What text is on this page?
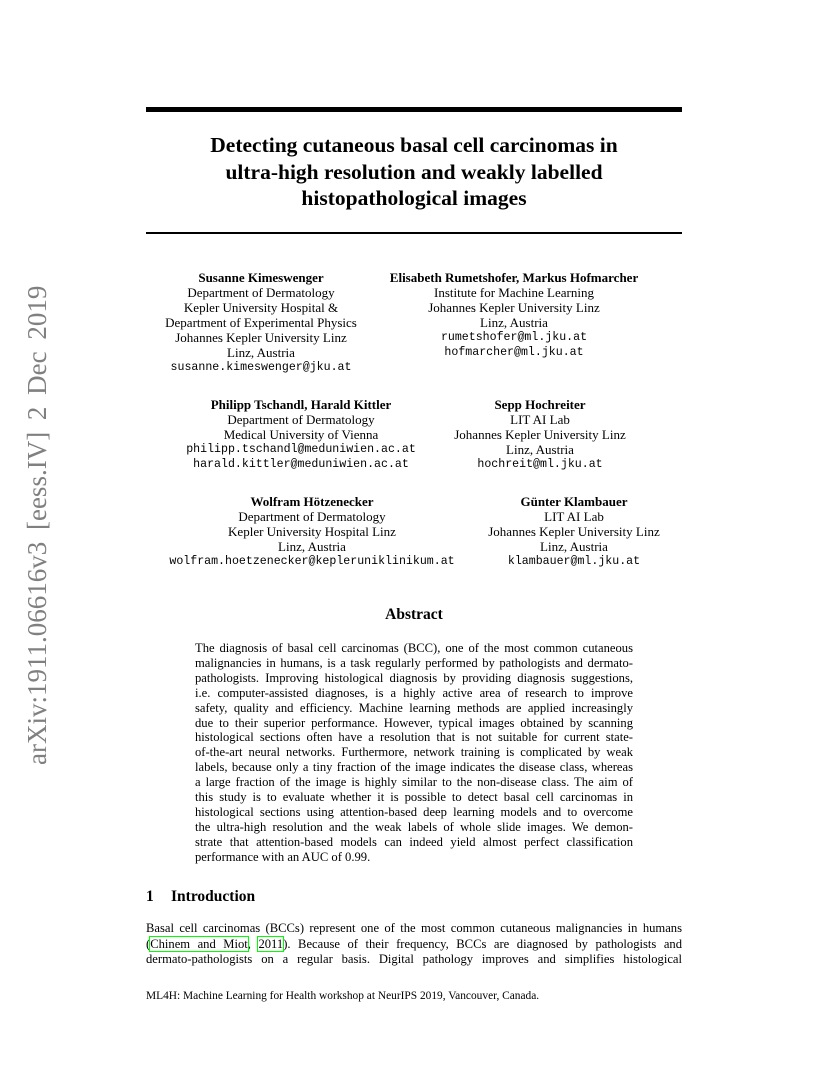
arXiv:1911.06616v3 [eess.IV] 2 Dec 2019
Detecting cutaneous basal cell carcinomas in
ultra-high resolution and weakly labelled
histopathological images
Susanne Kimeswenger
Department of Dermatology
Kepler University Hospital &
Department of Experimental Physics
Johannes Kepler University Linz
Linz, Austria
susanne.kimeswenger@jku.at
Elisabeth Rumetshofer, Markus Hofmarcher
Institute for Machine Learning
Johannes Kepler University Linz
Linz, Austria
rumetshofer@ml.jku.at
hofmarcher@ml.jku.at
Philipp Tschandl, Harald Kittler
Department of Dermatology
Medical University of Vienna
philipp.tschandl@meduniwien.ac.at
harald.kittler@meduniwien.ac.at
Sepp Hochreiter
LIT AI Lab
Johannes Kepler University Linz
Linz, Austria
hochreit@ml.jku.at
Wolfram Hötzenecker
Department of Dermatology
Kepler University Hospital Linz
Linz, Austria
wolfram.hoetzenecker@kepleruniklinikum.at
Günter Klambauer
LIT AI Lab
Johannes Kepler University Linz
Linz, Austria
klambauer@ml.jku.at
Abstract
The diagnosis of basal cell carcinomas (BCC), one of the most common cutaneous
malignancies in humans, is a task regularly performed by pathologists and dermato-
pathologists. Improving histological diagnosis by providing diagnosis suggestions,
i.e. computer-assisted diagnoses, is a highly active area of research to improve
safety, quality and efficiency. Machine learning methods are applied increasingly
due to their superior performance. However, typical images obtained by scanning
histological sections often have a resolution that is not suitable for current state-
of-the-art neural networks. Furthermore, network training is complicated by weak
labels, because only a tiny fraction of the image indicates the disease class, whereas
a large fraction of the image is highly similar to the non-disease class. The aim of
this study is to evaluate whether it is possible to detect basal cell carcinomas in
histological sections using attention-based deep learning models and to overcome
the ultra-high resolution and the weak labels of whole slide images. We demon-
strate that attention-based models can indeed yield almost perfect classification
performance with an AUC of 0.99.
1 Introduction
Basal cell carcinomas (BCCs) represent one of the most common cutaneous malignancies in humans
(Chinem and Miot, 2011). Because of their frequency, BCCs are diagnosed by pathologists and
dermato-pathologists on a regular basis. Digital pathology improves and simplifies histological
ML4H: Machine Learning for Health workshop at NeurIPS 2019, Vancouver, Canada.
